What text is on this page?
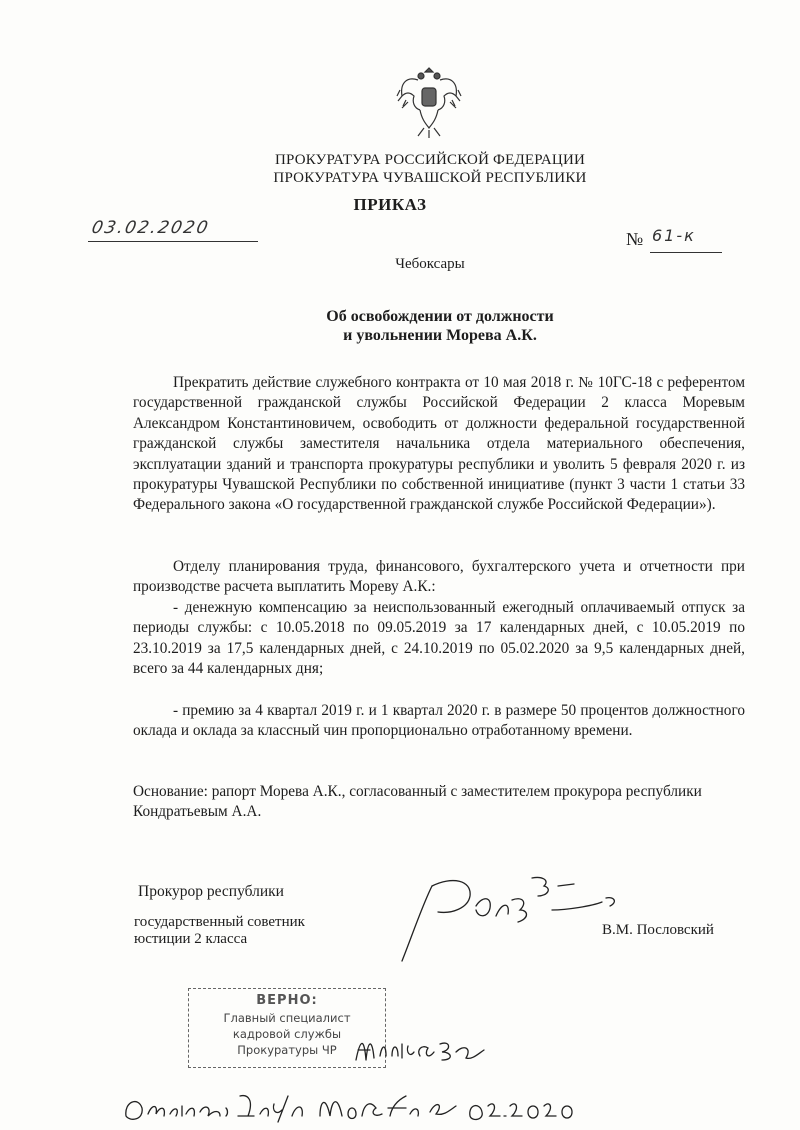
ПРОКУРАТУРА РОССИЙСКОЙ ФЕДЕРАЦИИ
ПРОКУРАТУРА ЧУВАШСКОЙ РЕСПУБЛИКИ
ПРИКАЗ
03.02.2020
№ 61-к
Чебоксары
Об освобождении от должности
и увольнении Морева А.К.
Прекратить действие служебного контракта от 10 мая 2018 г. № 10ГС-18 с референтом государственной гражданской службы Российской Федерации 2 класса Моревым Александром Константиновичем, освободить от должности федеральной государственной гражданской службы заместителя начальника отдела материального обеспечения, эксплуатации зданий и транспорта прокуратуры республики и уволить 5 февраля 2020 г. из прокуратуры Чувашской Республики по собственной инициативе (пункт 3 части 1 статьи 33 Федерального закона «О государственной гражданской службе Российской Федерации»).
Отделу планирования труда, финансового, бухгалтерского учета и отчетности при производстве расчета выплатить Мореву А.К.:
- денежную компенсацию за неиспользованный ежегодный оплачиваемый отпуск за периоды службы: с 10.05.2018 по 09.05.2019 за 17 календарных дней, с 10.05.2019 по 23.10.2019 за 17,5 календарных дней, с 24.10.2019 по 05.02.2020 за 9,5 календарных дней, всего за 44 календарных дня;
- премию за 4 квартал 2019 г. и 1 квартал 2020 г. в размере 50 процентов должностного оклада и оклада за классный чин пропорционально отработанному времени.
Основание: рапорт Морева А.К., согласованный с заместителем прокурора республики Кондратьевым А.А.
Прокурор республики
государственный советник
юстиции 2 класса
В.М. Пословский
ВЕРНО:
Главный специалист
кадровой службы
Прокуратуры ЧР
